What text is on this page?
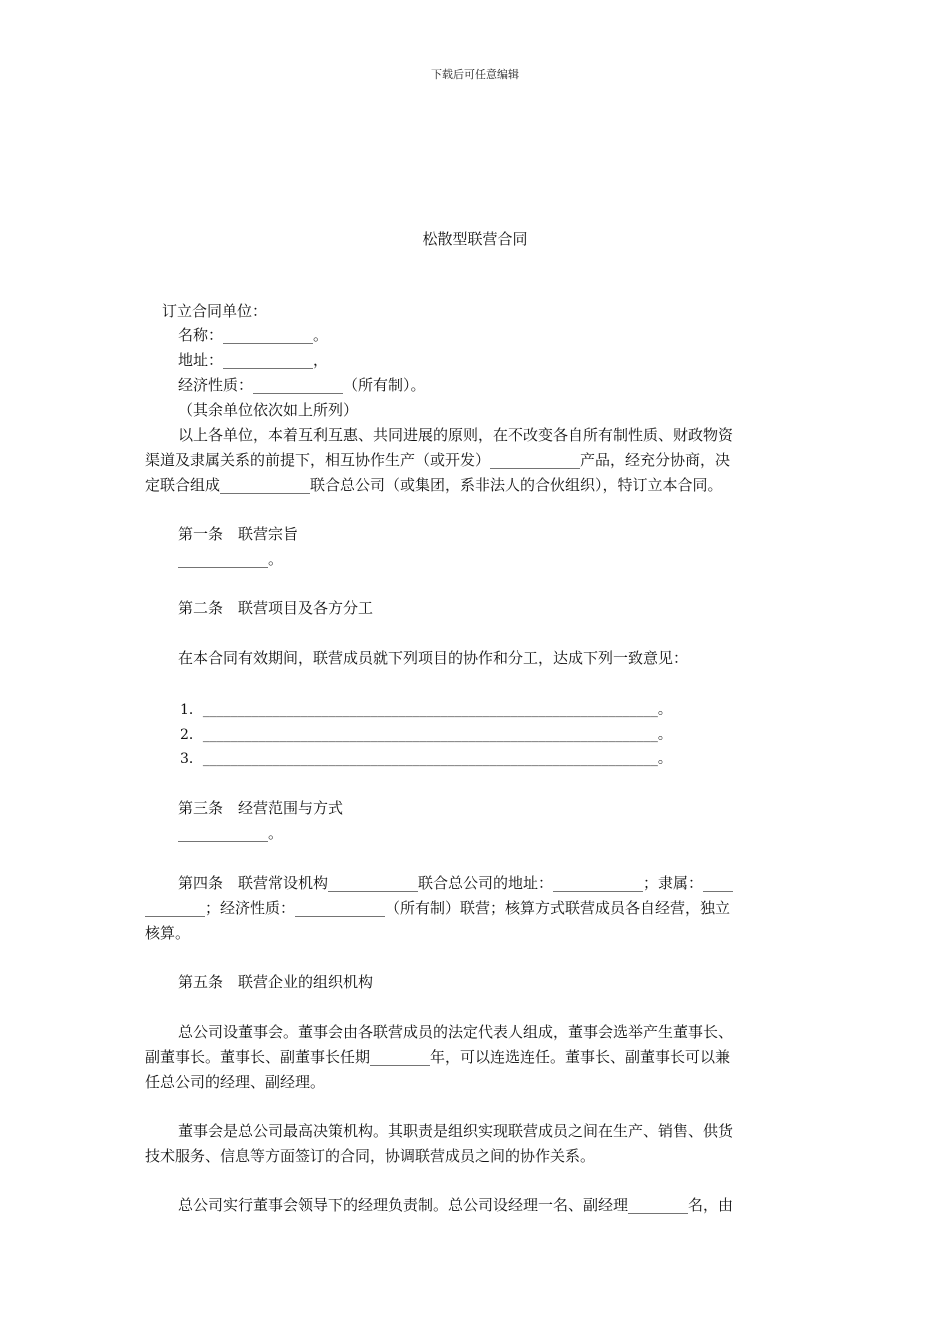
下载后可任意编辑
松散型联营合同
订立合同单位：
名称：____________。
地址：____________，
经济性质：____________（所有制）。
（其余单位依次如上所列）
以上各单位，本着互利互惠、共同进展的原则，在不改变各自所有制性质、财政物资
渠道及隶属关系的前提下，相互协作生产（或开发）____________产品，经充分协商，决
定联合组成____________联合总公司（或集团，系非法人的合伙组织），特订立本合同。
第一条　联营宗旨
____________。
第二条　联营项目及各方分工
在本合同有效期间，联营成员就下列项目的协作和分工，达成下列一致意见：
1．_________________________________________________________________。
2．_________________________________________________________________。
3．_________________________________________________________________。
第三条　经营范围与方式
____________。
第四条　联营常设机构____________联合总公司的地址：____________；隶属：____
________；经济性质：____________（所有制）联营；核算方式联营成员各自经营，独立
核算。
第五条　联营企业的组织机构
总公司设董事会。董事会由各联营成员的法定代表人组成，董事会选举产生董事长、
副董事长。董事长、副董事长任期________年，可以连选连任。董事长、副董事长可以兼
任总公司的经理、副经理。
董事会是总公司最高决策机构。其职责是组织实现联营成员之间在生产、销售、供货
技术服务、信息等方面签订的合同，协调联营成员之间的协作关系。
总公司实行董事会领导下的经理负责制。总公司设经理一名、副经理________名，由
